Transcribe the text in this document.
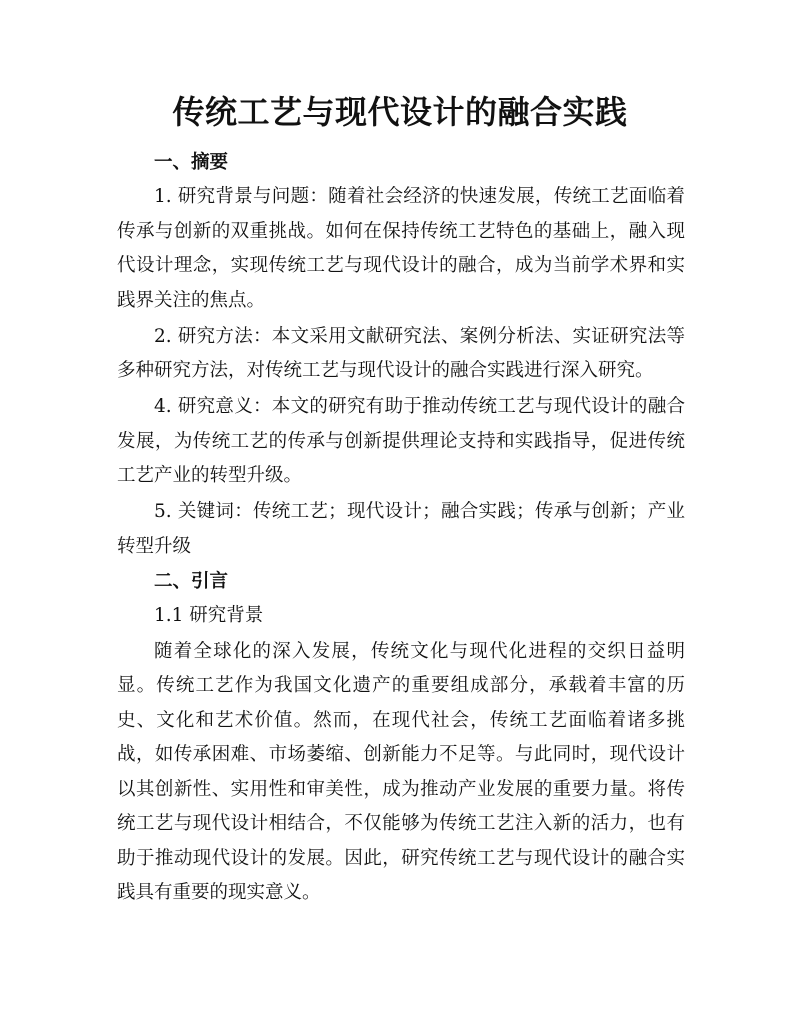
传统工艺与现代设计的融合实践
一、摘要

1. 研究背景与问题：随着社会经济的快速发展，传统工艺面临着传承与创新的双重挑战。如何在保持传统工艺特色的基础上，融入现代设计理念，实现传统工艺与现代设计的融合，成为当前学术界和实践界关注的焦点。

2. 研究方法：本文采用文献研究法、案例分析法、实证研究法等多种研究方法，对传统工艺与现代设计的融合实践进行深入研究。

4. 研究意义：本文的研究有助于推动传统工艺与现代设计的融合发展，为传统工艺的传承与创新提供理论支持和实践指导，促进传统工艺产业的转型升级。

5. 关键词：传统工艺；现代设计；融合实践；传承与创新；产业转型升级

二、引言
1.1 研究背景

随着全球化的深入发展，传统文化与现代化进程的交织日益明显。传统工艺作为我国文化遗产的重要组成部分，承载着丰富的历史、文化和艺术价值。然而，在现代社会，传统工艺面临着诸多挑战，如传承困难、市场萎缩、创新能力不足等。与此同时，现代设计以其创新性、实用性和审美性，成为推动产业发展的重要力量。将传统工艺与现代设计相结合，不仅能够为传统工艺注入新的活力，也有助于推动现代设计的发展。因此，研究传统工艺与现代设计的融合实践具有重要的现实意义。
